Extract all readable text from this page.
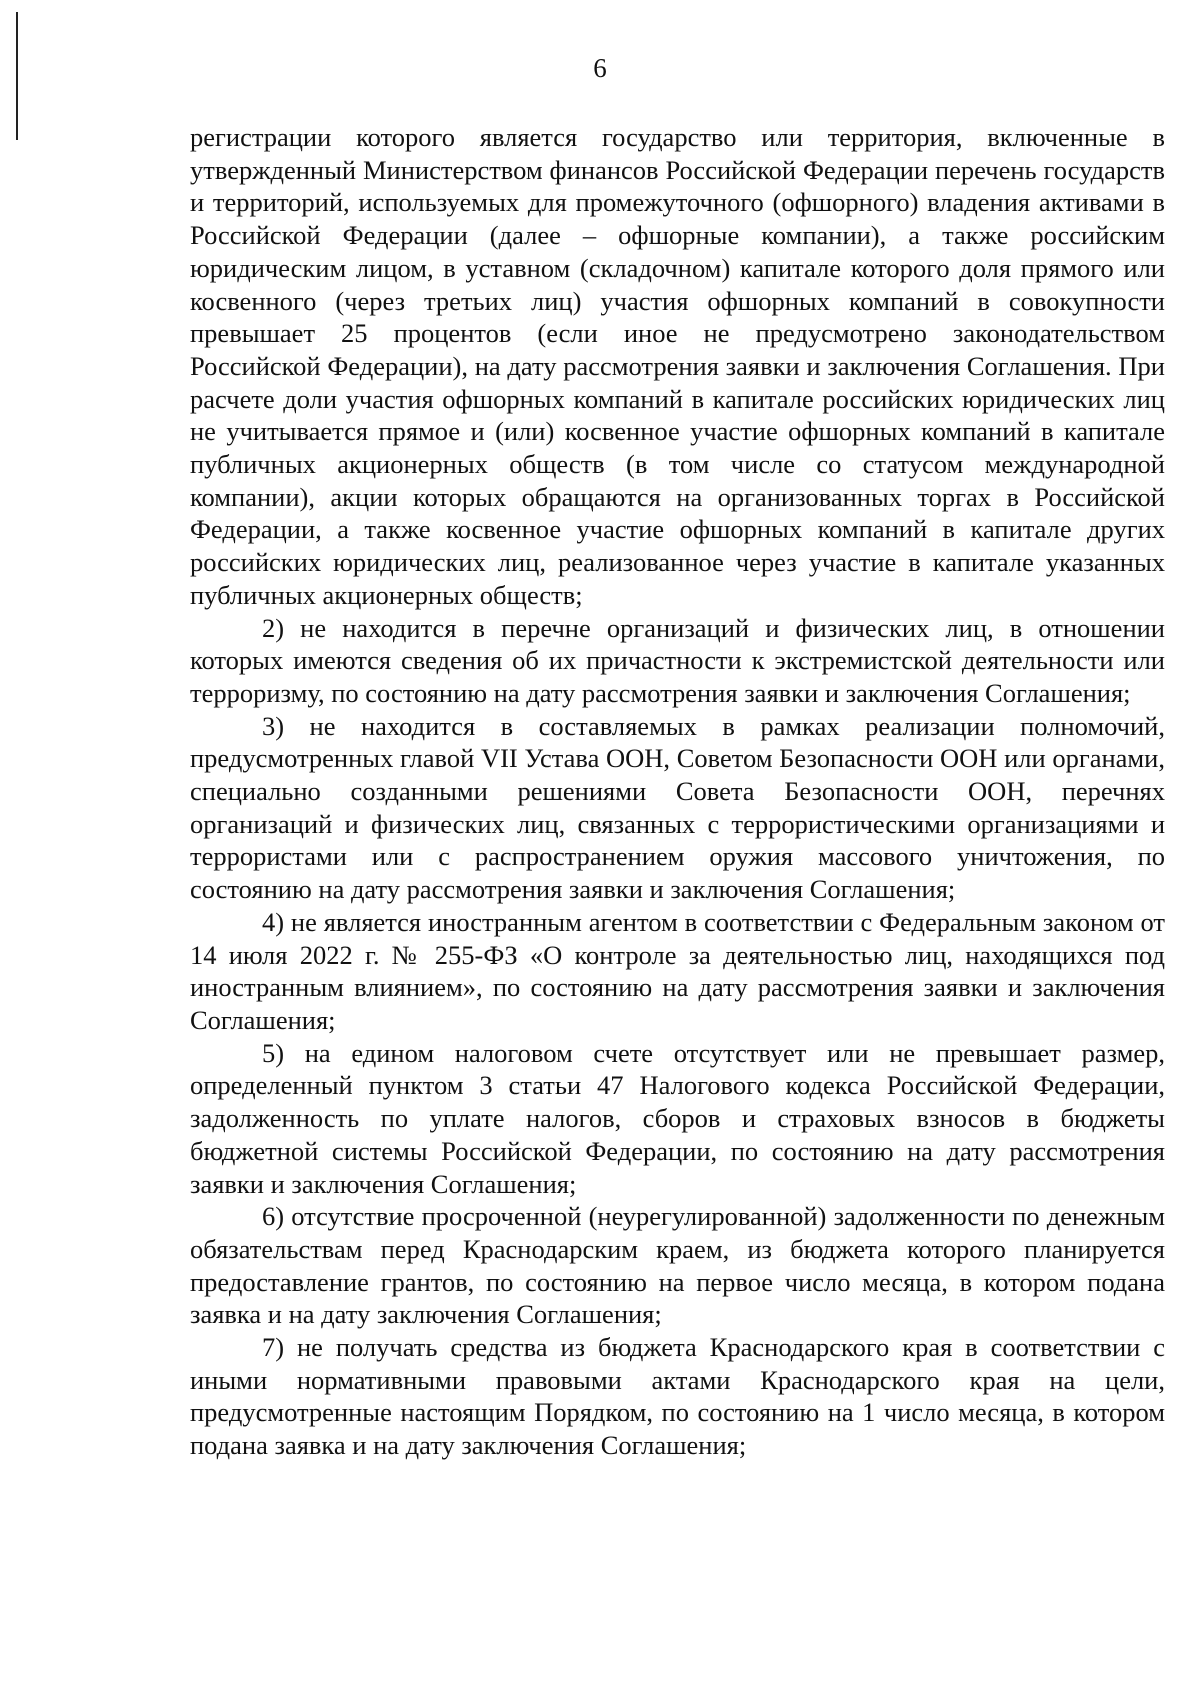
6

регистрации которого является государство или территория, включенные в утвержденный Министерством финансов Российской Федерации перечень государств и территорий, используемых для промежуточного (офшорного) владения активами в Российской Федерации (далее – офшорные компании), а также российским юридическим лицом, в уставном (складочном) капитале которого доля прямого или косвенного (через третьих лиц) участия офшорных компаний в совокупности превышает 25 процентов (если иное не предусмотрено законодательством Российской Федерации), на дату рассмотрения заявки и заключения Соглашения. При расчете доли участия офшорных компаний в капитале российских юридических лиц не учитывается прямое и (или) косвенное участие офшорных компаний в капитале публичных акционерных обществ (в том числе со статусом международной компании), акции которых обращаются на организованных торгах в Российской Федерации, а также косвенное участие офшорных компаний в капитале других российских юридических лиц, реализованное через участие в капитале указанных публичных акционерных обществ;

2) не находится в перечне организаций и физических лиц, в отношении которых имеются сведения об их причастности к экстремистской деятельности или терроризму, по состоянию на дату рассмотрения заявки и заключения Соглашения;

3) не находится в составляемых в рамках реализации полномочий, предусмотренных главой VII Устава ООН, Советом Безопасности ООН или органами, специально созданными решениями Совета Безопасности ООН, перечнях организаций и физических лиц, связанных с террористическими организациями и террористами или с распространением оружия массового уничтожения, по состоянию на дату рассмотрения заявки и заключения Соглашения;

4) не является иностранным агентом в соответствии с Федеральным законом от 14 июля 2022 г. № 255-ФЗ «О контроле за деятельностью лиц, находящихся под иностранным влиянием», по состоянию на дату рассмотрения заявки и заключения Соглашения;

5) на едином налоговом счете отсутствует или не превышает размер, определенный пунктом 3 статьи 47 Налогового кодекса Российской Федерации, задолженность по уплате налогов, сборов и страховых взносов в бюджеты бюджетной системы Российской Федерации, по состоянию на дату рассмотрения заявки и заключения Соглашения;

6) отсутствие просроченной (неурегулированной) задолженности по денежным обязательствам перед Краснодарским краем, из бюджета которого планируется предоставление грантов, по состоянию на первое число месяца, в котором подана заявка и на дату заключения Соглашения;

7) не получать средства из бюджета Краснодарского края в соответствии с иными нормативными правовыми актами Краснодарского края на цели, предусмотренные настоящим Порядком, по состоянию на 1 число месяца, в котором подана заявка и на дату заключения Соглашения;
